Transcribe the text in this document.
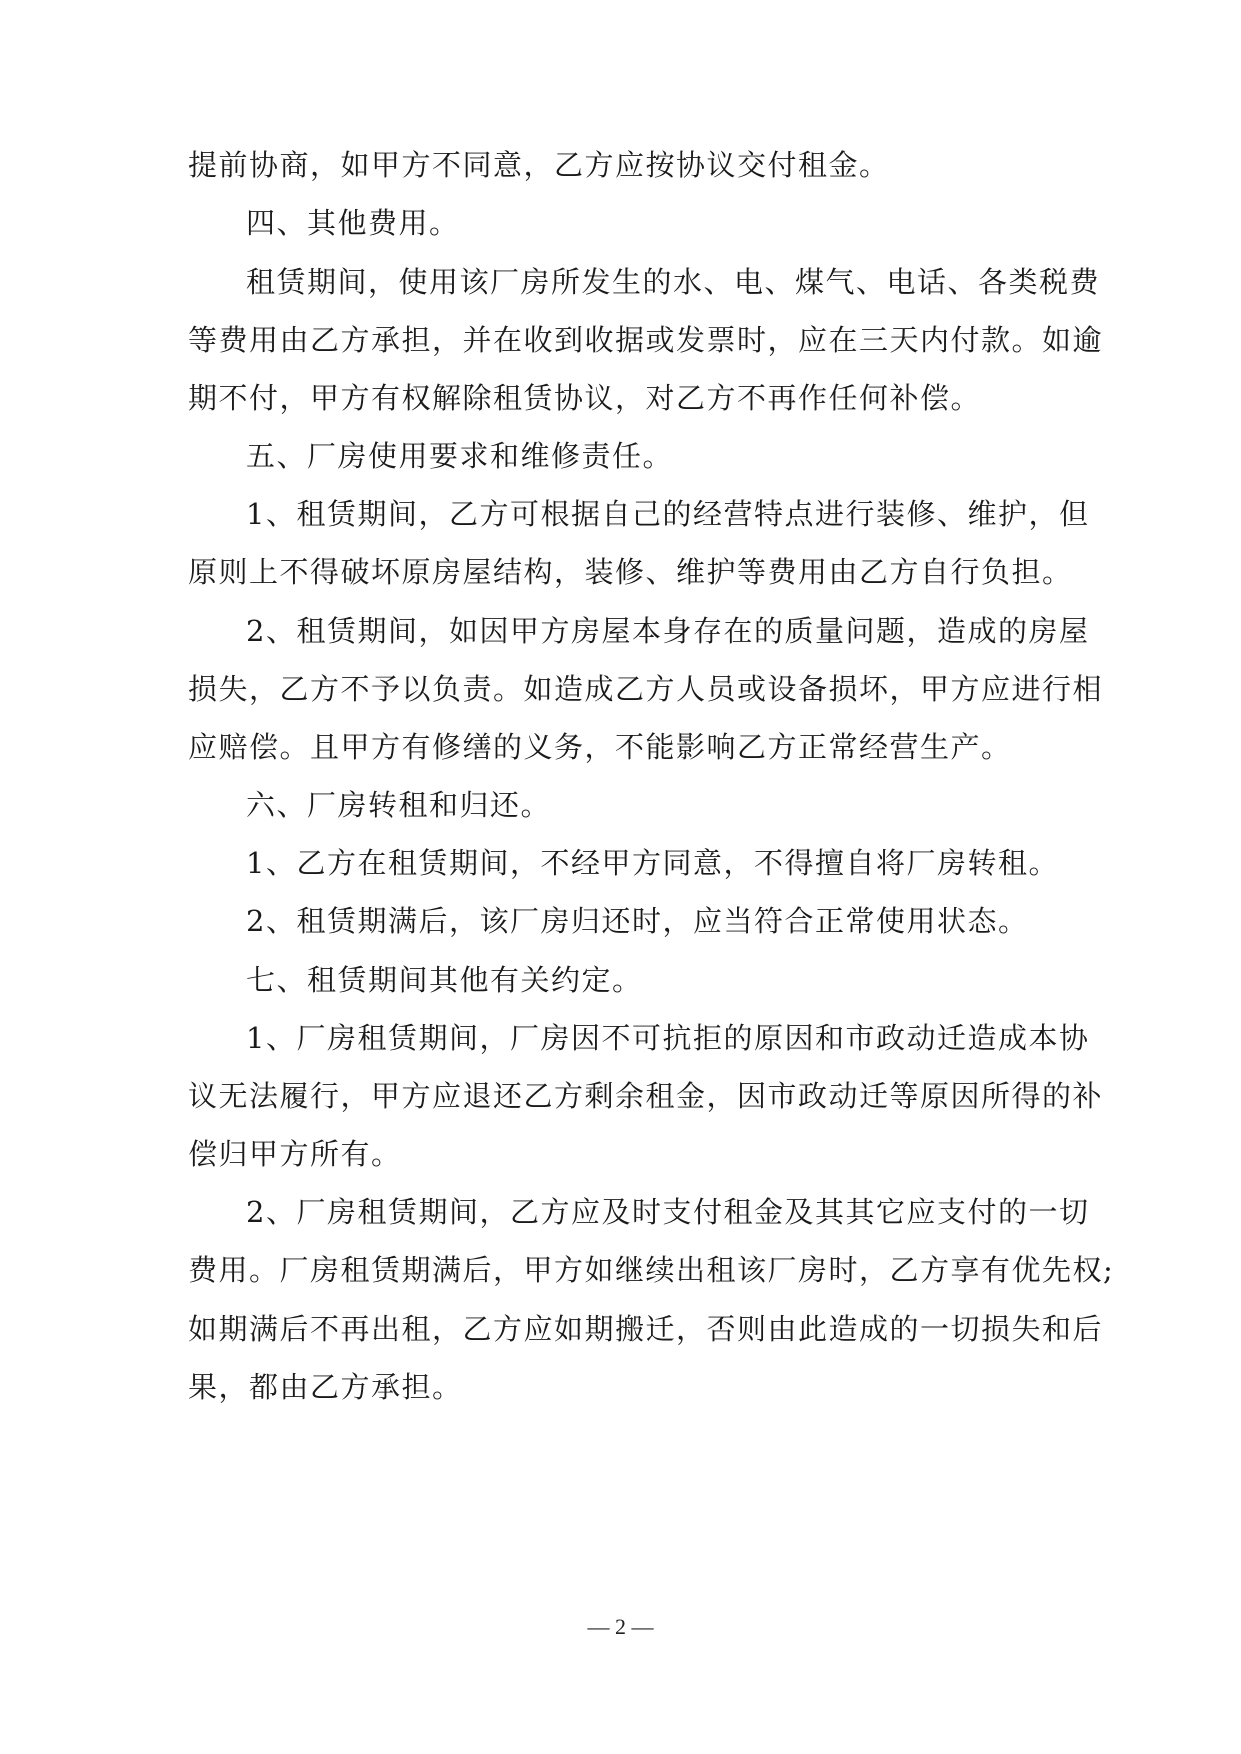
提前协商，如甲方不同意，乙方应按协议交付租金。
四、其他费用。
租赁期间，使用该厂房所发生的水、电、煤气、电话、各类税费
等费用由乙方承担，并在收到收据或发票时，应在三天内付款。如逾
期不付，甲方有权解除租赁协议，对乙方不再作任何补偿。
五、厂房使用要求和维修责任。
1、租赁期间，乙方可根据自己的经营特点进行装修、维护，但
原则上不得破坏原房屋结构，装修、维护等费用由乙方自行负担。
2、租赁期间，如因甲方房屋本身存在的质量问题，造成的房屋
损失，乙方不予以负责。如造成乙方人员或设备损坏，甲方应进行相
应赔偿。且甲方有修缮的义务，不能影响乙方正常经营生产。
六、厂房转租和归还。
1、乙方在租赁期间，不经甲方同意，不得擅自将厂房转租。
2、租赁期满后，该厂房归还时，应当符合正常使用状态。
七、租赁期间其他有关约定。
1、厂房租赁期间，厂房因不可抗拒的原因和市政动迁造成本协
议无法履行，甲方应退还乙方剩余租金，因市政动迁等原因所得的补
偿归甲方所有。
2、厂房租赁期间，乙方应及时支付租金及其其它应支付的一切
费用。厂房租赁期满后，甲方如继续出租该厂房时，乙方享有优先权;
如期满后不再出租，乙方应如期搬迁，否则由此造成的一切损失和后
果，都由乙方承担。
— 2 —
